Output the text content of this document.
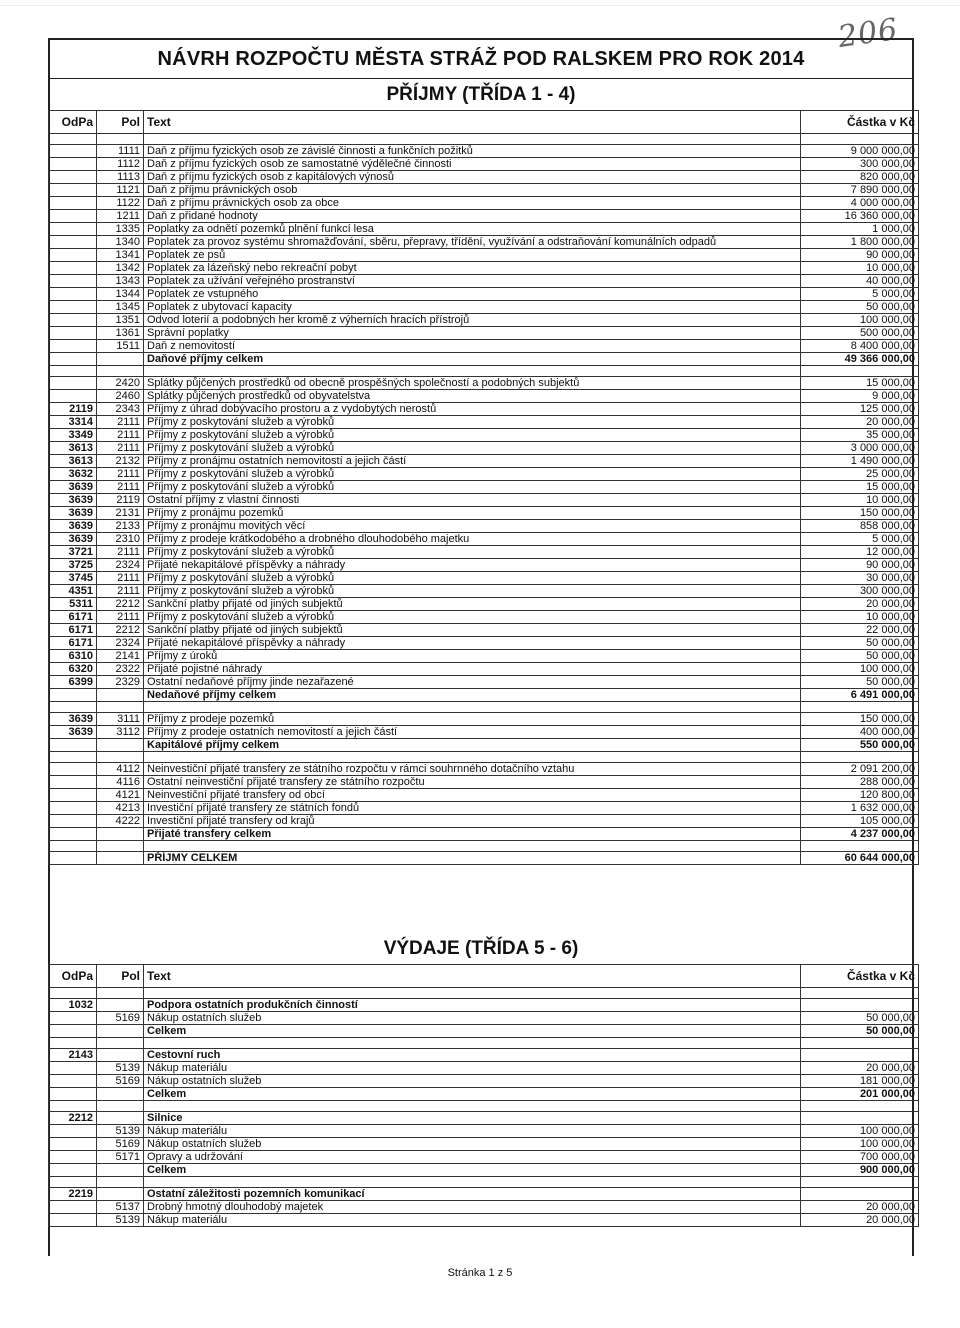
206
NÁVRH ROZPOČTU MĚSTA STRÁŽ POD RALSKEM PRO ROK 2014
PŘÍJMY (TŘÍDA 1 - 4)
OdPa	Pol	Text	Částka v Kč

	1111	Daň z příjmu fyzických osob ze závislé činnosti a funkčních požitků	9 000 000,00
	1112	Daň z příjmu fyzických osob ze samostatné výdělečné činnosti	300 000,00
	1113	Daň z příjmu fyzických osob z kapitálových výnosů	820 000,00
	1121	Daň z příjmu právnických osob	7 890 000,00
	1122	Daň z příjmu právnických osob za obce	4 000 000,00
	1211	Daň z přidané hodnoty	16 360 000,00
	1335	Poplatky za odnětí pozemků plnění funkcí lesa	1 000,00
	1340	Poplatek za provoz systému shromažďování, sběru, přepravy, třídění, využívání a odstraňování komunálních odpadů	1 800 000,00
	1341	Poplatek ze psů	90 000,00
	1342	Poplatek za lázeňský nebo rekreační pobyt	10 000,00
	1343	Poplatek za užívání veřejného prostranství	40 000,00
	1344	Poplatek ze vstupného	5 000,00
	1345	Poplatek z ubytovací kapacity	50 000,00
	1351	Odvod loterií a podobných her kromě z výherních hracích přístrojů	100 000,00
	1361	Správní poplatky	500 000,00
	1511	Daň z nemovitostí	8 400 000,00
		Daňové příjmy celkem	49 366 000,00

	2420	Splátky půjčených prostředků od obecně prospěšných společností a podobných subjektů	15 000,00
	2460	Splátky půjčených prostředků od obyvatelstva	9 000,00
2119	2343	Příjmy z úhrad dobývacího prostoru a z vydobytých nerostů	125 000,00
3314	2111	Příjmy z poskytování služeb a výrobků	20 000,00
3349	2111	Příjmy z poskytování služeb a výrobků	35 000,00
3613	2111	Příjmy z poskytování služeb a výrobků	3 000 000,00
3613	2132	Příjmy z pronájmu ostatních nemovitostí a jejich částí	1 490 000,00
3632	2111	Příjmy z poskytování služeb a výrobků	25 000,00
3639	2111	Příjmy z poskytování služeb a výrobků	15 000,00
3639	2119	Ostatní příjmy z vlastní činnosti	10 000,00
3639	2131	Příjmy z pronájmu pozemků	150 000,00
3639	2133	Příjmy z pronájmu movitých věcí	858 000,00
3639	2310	Příjmy z prodeje krátkodobého a drobného dlouhodobého majetku	5 000,00
3721	2111	Příjmy z poskytování služeb a výrobků	12 000,00
3725	2324	Přijaté nekapitálové příspěvky a náhrady	90 000,00
3745	2111	Příjmy z poskytování služeb a výrobků	30 000,00
4351	2111	Příjmy z poskytování služeb a výrobků	300 000,00
5311	2212	Sankční platby přijaté od jiných subjektů	20 000,00
6171	2111	Příjmy z poskytování služeb a výrobků	10 000,00
6171	2212	Sankční platby přijaté od jiných subjektů	22 000,00
6171	2324	Přijaté nekapitálové příspěvky a náhrady	50 000,00
6310	2141	Příjmy z úroků	50 000,00
6320	2322	Přijaté pojistné náhrady	100 000,00
6399	2329	Ostatní nedaňové příjmy jinde nezařazené	50 000,00
		Nedaňové příjmy celkem	6 491 000,00

3639	3111	Příjmy z prodeje pozemků	150 000,00
3639	3112	Příjmy z prodeje ostatních nemovitostí a jejich částí	400 000,00
		Kapitálové příjmy celkem	550 000,00

	4112	Neinvestiční přijaté transfery ze státního rozpočtu v rámci souhrnného dotačního vztahu	2 091 200,00
	4116	Ostatní neinvestiční přijaté transfery ze státního rozpočtu	288 000,00
	4121	Neinvestiční přijaté transfery od obcí	120 800,00
	4213	Investiční přijaté transfery ze státních fondů	1 632 000,00
	4222	Investiční přijaté transfery od krajů	105 000,00
		Přijaté transfery celkem	4 237 000,00

		PŘÍJMY CELKEM	60 644 000,00
VÝDAJE (TŘÍDA 5 - 6)
OdPa	Pol	Text	Částka v Kč

1032		Podpora ostatních produkčních činností	
	5169	Nákup ostatních služeb	50 000,00
		Celkem	50 000,00

2143		Cestovní ruch	
	5139	Nákup materiálu	20 000,00
	5169	Nákup ostatních služeb	181 000,00
		Celkem	201 000,00

2212		Silnice	
	5139	Nákup materiálu	100 000,00
	5169	Nákup ostatních služeb	100 000,00
	5171	Opravy a udržování	700 000,00
		Celkem	900 000,00

2219		Ostatní záležitosti pozemních komunikací	
	5137	Drobný hmotný dlouhodobý majetek	20 000,00
	5139	Nákup materiálu	20 000,00
Stránka 1 z 5
